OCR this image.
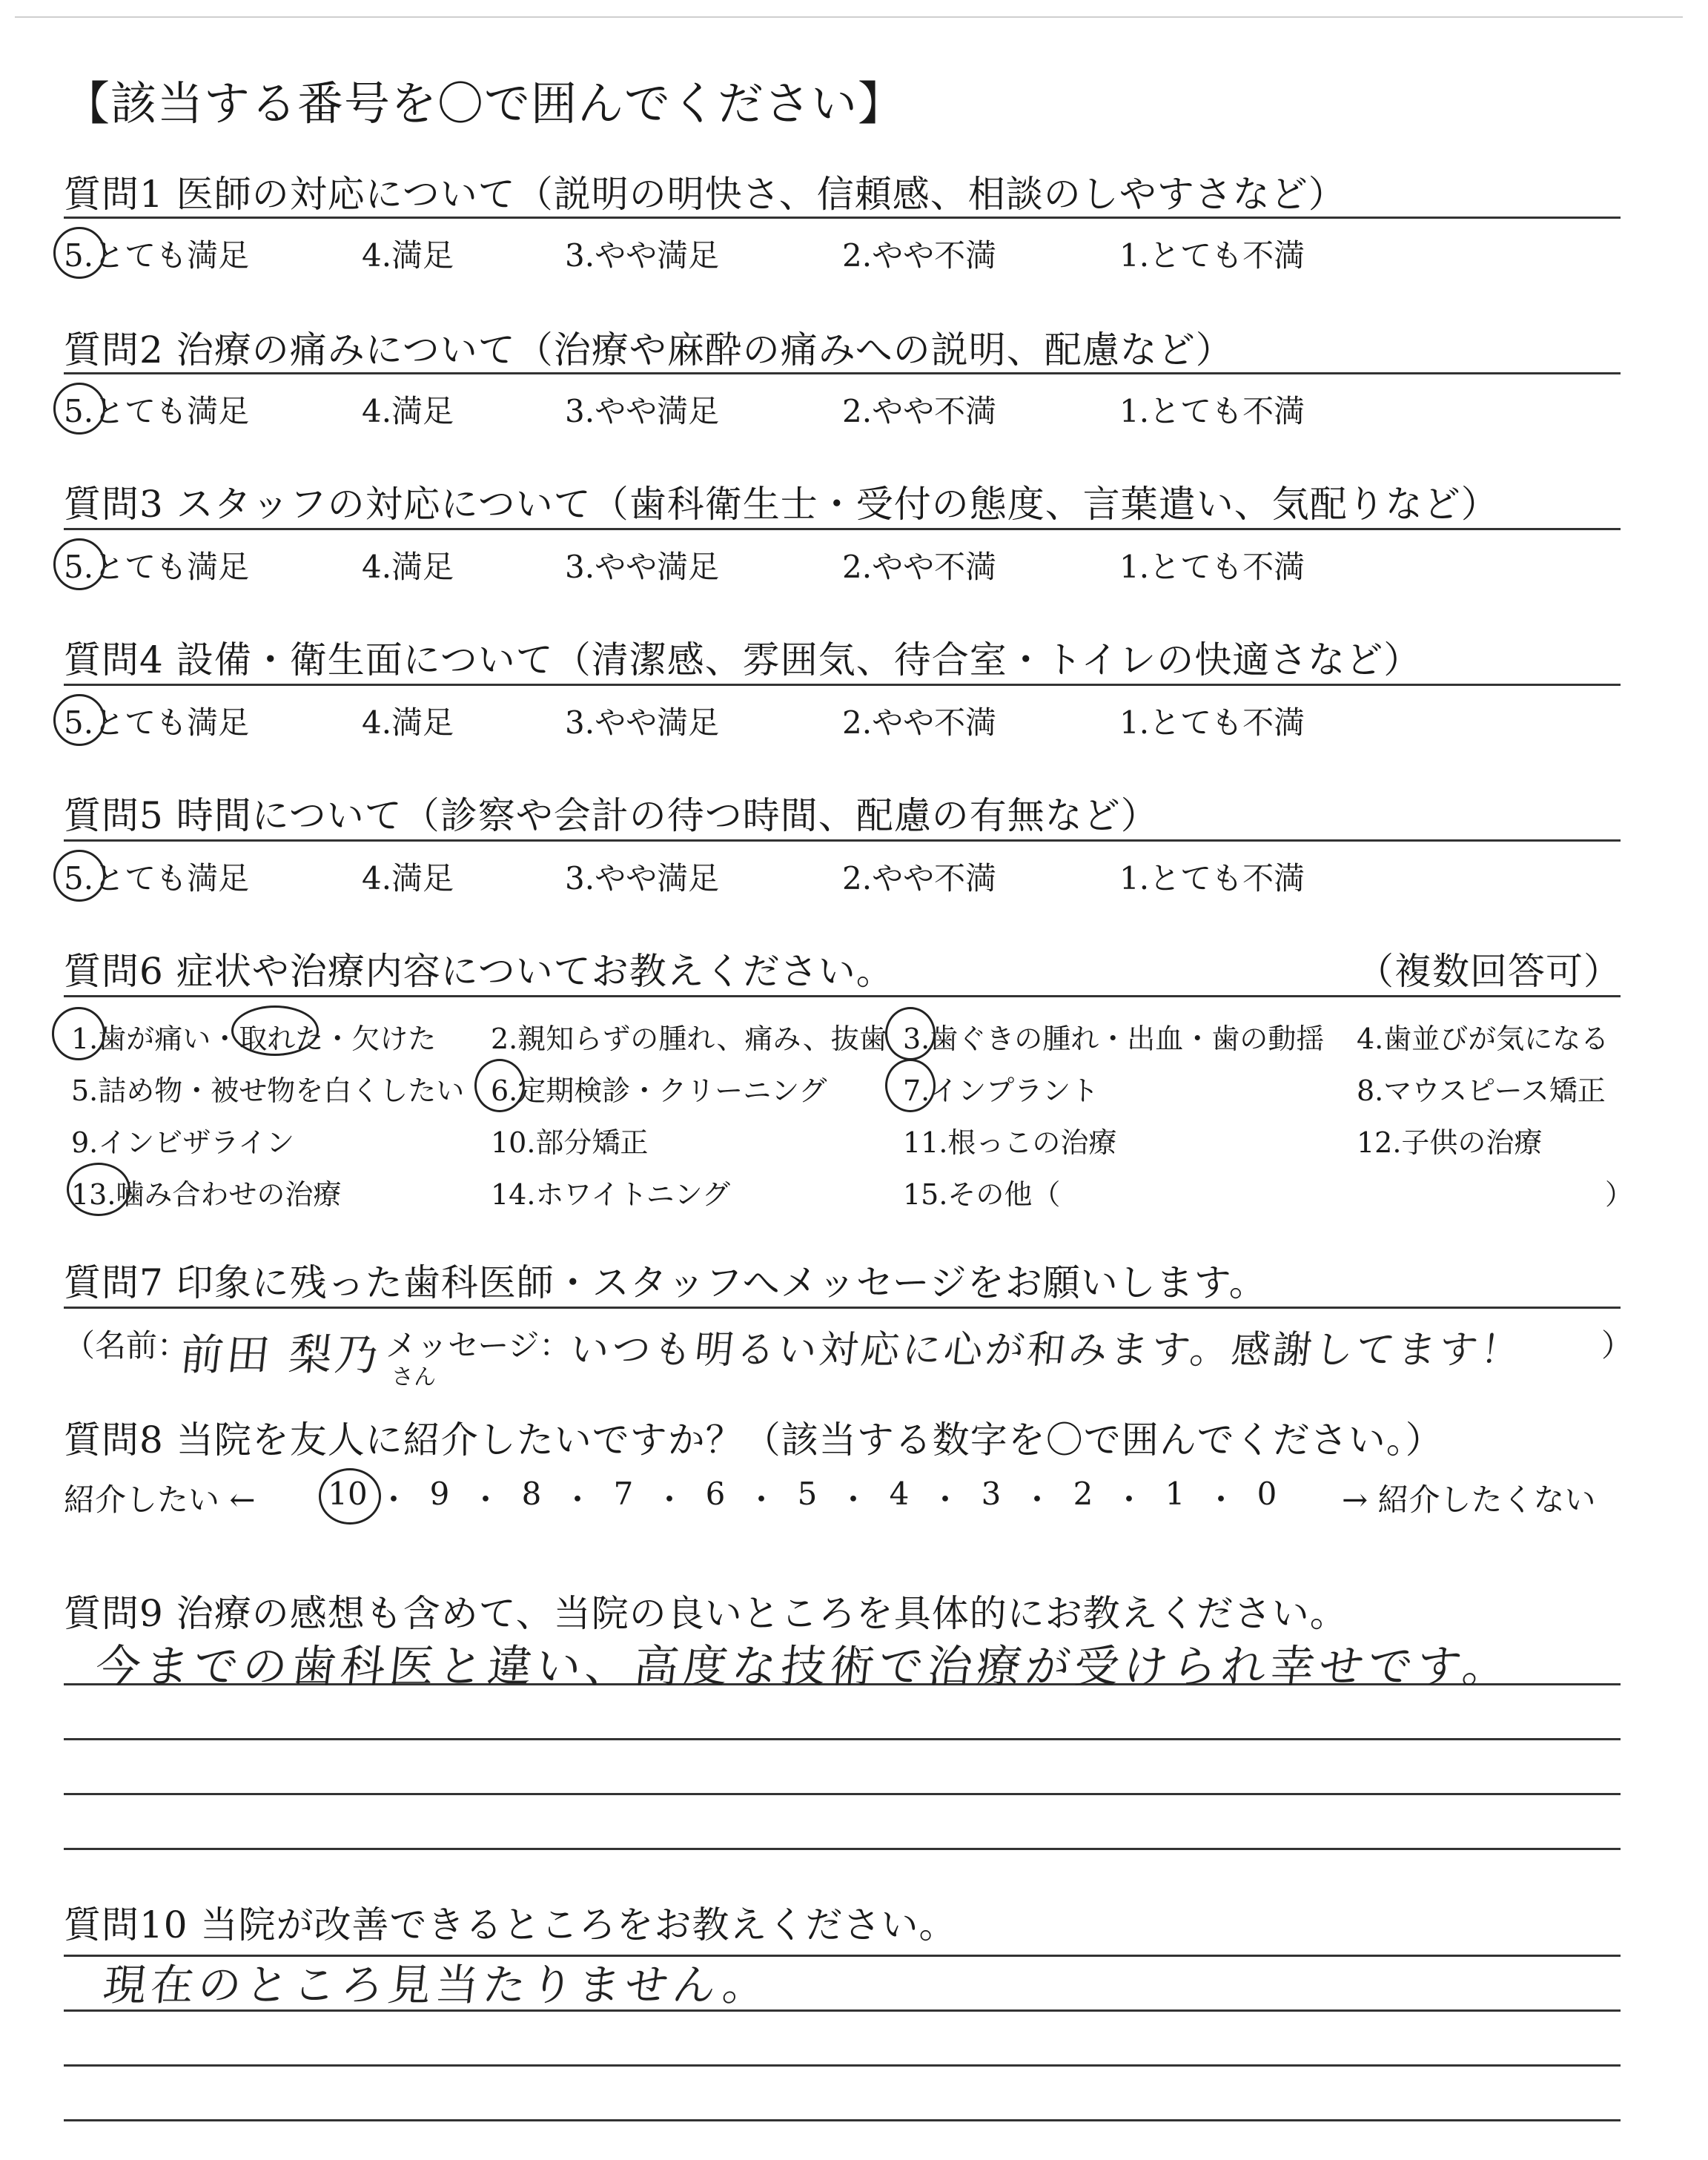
【該当する番号を〇で囲んでください】
質問1 医師の対応について（説明の明快さ、信頼感、相談のしやすさなど）
質問2 治療の痛みについて（治療や麻酔の痛みへの説明、配慮など）
質問3 スタッフの対応について（歯科衛生士・受付の態度、言葉遣い、気配りなど）
質問4 設備・衛生面について（清潔感、雰囲気、待合室・トイレの快適さなど）
質問5 時間について（診察や会計の待つ時間、配慮の有無など）
5.とても満足	4.満足	3.やや満足	2.やや不満	1.とても不満
5.とても満足	4.満足	3.やや満足	2.やや不満	1.とても不満
5.とても満足	4.満足	3.やや満足	2.やや不満	1.とても不満
5.とても満足	4.満足	3.やや満足	2.やや不満	1.とても不満
5.とても満足	4.満足	3.やや満足	2.やや不満	1.とても不満
質問6 症状や治療内容についてお教えください。	（複数回答可）
1.歯が痛い・取れた・欠けた 2.親知らずの腫れ、痛み、抜歯 3.歯ぐきの腫れ・出血・歯の動揺 4.歯並びが気になる
5.詰め物・被せ物を白くしたい 6.定期検診・クリーニング	7.インプラント	8.マウスピース矯正
9.インビザライン	10.部分矯正	11.根っこの治療	12.子供の治療
13.噛み合わせの治療	14.ホワイトニング	15.その他（	）
質問7 印象に残った歯科医師・スタッフへメッセージをお願いします。
（名前：
前田 梨乃 さん
メッセージ：
いつも明るい対応に心が和みます。感謝してます！ ）
質問8 当院を友人に紹介したいですか？（該当する数字を〇で囲んでください。）
紹介したい ←	→ 紹介したくない
10 ・ 9 ・ 8 ・ 7 ・ 6 ・ 5 ・ 4 ・ 3 ・ 2 ・ 1 ・ 0
質問9 治療の感想も含めて、当院の良いところを具体的にお教えください。
今までの歯科医と違い、高度な技術で治療が受けられ幸せです。
質問10 当院が改善できるところをお教えください。
現在のところ見当たりません。
